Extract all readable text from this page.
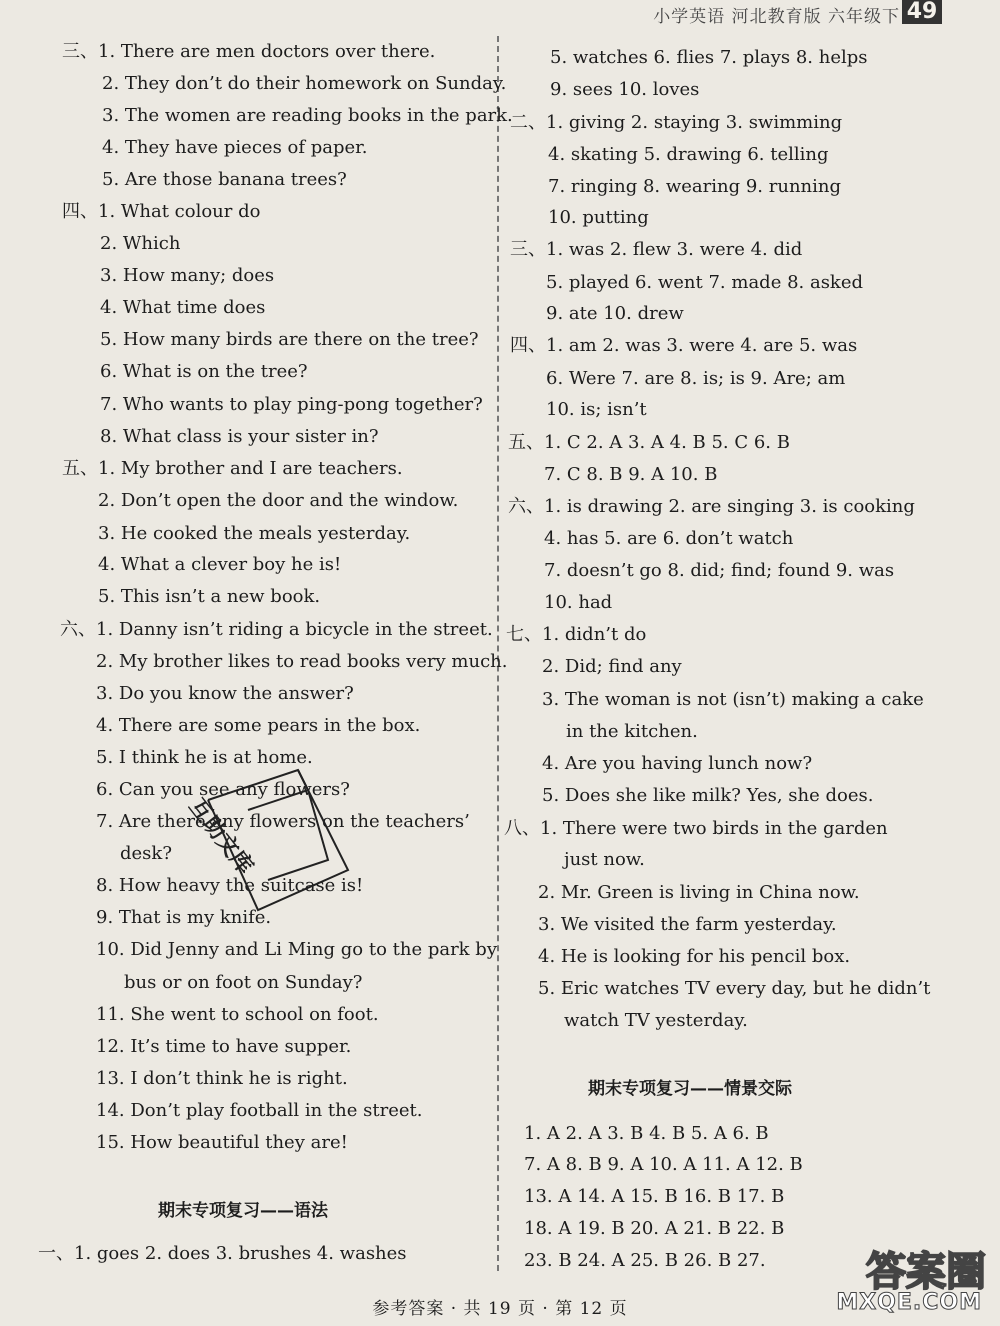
小学英语 河北教育版 六年级下 49
三、1. There are men doctors over there.
2. They don’t do their homework on Sunday.
3. The women are reading books in the park.
4. They have pieces of paper.
5. Are those banana trees?
四、1. What colour do
2. Which
3. How many; does
4. What time does
5. How many birds are there on the tree?
6. What is on the tree?
7. Who wants to play ping-pong together?
8. What class is your sister in?
五、1. My brother and I are teachers.
2. Don’t open the door and the window.
3. He cooked the meals yesterday.
4. What a clever boy he is!
5. This isn’t a new book.
六、1. Danny isn’t riding a bicycle in the street.
2. My brother likes to read books very much.
3. Do you know the answer?
4. There are some pears in the box.
5. I think he is at home.
6. Can you see any flowers?
7. Are there any flowers on the teachers’
desk?
8. How heavy the suitcase is!
9. That is my knife.
10. Did Jenny and Li Ming go to the park by
bus or on foot on Sunday?
11. She went to school on foot.
12. It’s time to have supper.
13. I don’t think he is right.
14. Don’t play football in the street.
15. How beautiful they are!
期末专项复习——语法
一、1. goes 2. does 3. brushes 4. washes
5. watches 6. flies 7. plays 8. helps
9. sees 10. loves
二、1. giving 2. staying 3. swimming
4. skating 5. drawing 6. telling
7. ringing 8. wearing 9. running
10. putting
三、1. was 2. flew 3. were 4. did
5. played 6. went 7. made 8. asked
9. ate 10. drew
四、1. am 2. was 3. were 4. are 5. was
6. Were 7. are 8. is; is 9. Are; am
10. is; isn’t
五、1. C 2. A 3. A 4. B 5. C 6. B
7. C 8. B 9. A 10. B
六、1. is drawing 2. are singing 3. is cooking
4. has 5. are 6. don’t watch
7. doesn’t go 8. did; find; found 9. was
10. had
七、1. didn’t do
2. Did; find any
3. The woman is not (isn’t) making a cake
in the kitchen.
4. Are you having lunch now?
5. Does she like milk? Yes, she does.
八、1. There were two birds in the garden
just now.
2. Mr. Green is living in China now.
3. We visited the farm yesterday.
4. He is looking for his pencil box.
5. Eric watches TV every day, but he didn’t
watch TV yesterday.
期末专项复习——情景交际
1. A 2. A 3. B 4. B 5. A 6. B
7. A 8. B 9. A 10. A 11. A 12. B
13. A 14. A 15. B 16. B 17. B
18. A 19. B 20. A 21. B 22. B
23. B 24. A 25. B 26. B 27.
互助文库
答案圈
MXQE.COM
参考答案 · 共 19 页 · 第 12 页
